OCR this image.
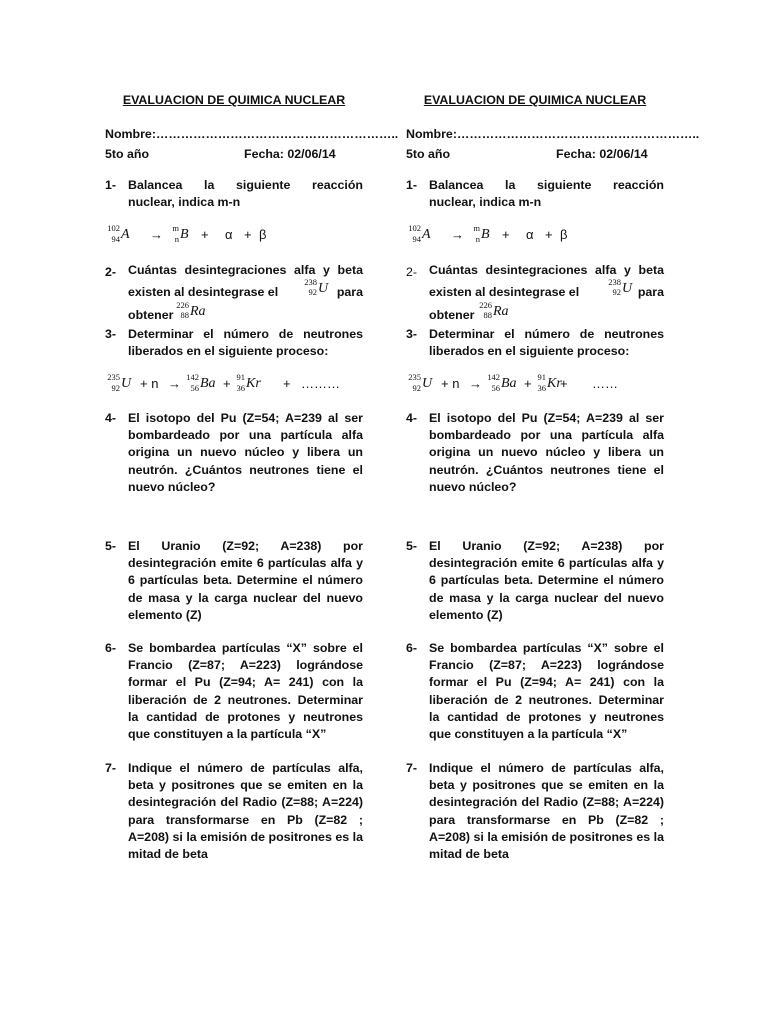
EVALUACION DE QUIMICA NUCLEAR
Nombre:…………………………………………………..
5to año	Fecha: 02/06/14
1- Balancea la siguiente reacción
nuclear, indica m-n
102
94 A → m
n B + α + β
2- Cuántas desintegraciones alfa y beta
existen al desintegrase el
238
92 U para
obtener
226
88 Ra
3- Determinar el número de neutrones liberados en el siguiente proceso:
235
92 U + n → 142
56 Ba + 91
36 Kr + ………
4- El isotopo del Pu (Z=54; A=239 al ser bombardeado por una partícula alfa origina un nuevo núcleo y libera un neutrón. ¿Cuántos neutrones tiene el nuevo núcleo?
5- El Uranio (Z=92; A=238) por desintegración emite 6 partículas alfa y 6 partículas beta. Determine el número de masa y la carga nuclear del nuevo elemento (Z)
6- Se bombardea partículas “X” sobre el Francio (Z=87; A=223) lográndose formar el Pu (Z=94; A= 241) con la liberación de 2 neutrones. Determinar la cantidad de protones y neutrones que constituyen a la partícula “X”
7- Indique el número de partículas alfa, beta y positrones que se emiten en la desintegración del Radio (Z=88; A=224) para transformarse en Pb (Z=82 ; A=208) si la emisión de positrones es la mitad de beta
EVALUACION DE QUIMICA NUCLEAR
Nombre:…………………………………………………..
5to año	Fecha: 02/06/14
1- Balancea la siguiente reacción
nuclear, indica m-n
102
94 A → m
n B + α + β
2- Cuántas desintegraciones alfa y beta
existen al desintegrase el
238
92 U para
obtener
226
88 Ra
3- Determinar el número de neutrones liberados en el siguiente proceso:
235
92 U + n → 142
56 Ba + 91
36 Kr
+ ……
4- El isotopo del Pu (Z=54; A=239 al ser bombardeado por una partícula alfa origina un nuevo núcleo y libera un neutrón. ¿Cuántos neutrones tiene el nuevo núcleo?
5- El Uranio (Z=92; A=238) por desintegración emite 6 partículas alfa y 6 partículas beta. Determine el número de masa y la carga nuclear del nuevo elemento (Z)
6- Se bombardea partículas “X” sobre el Francio (Z=87; A=223) lográndose formar el Pu (Z=94; A= 241) con la liberación de 2 neutrones. Determinar la cantidad de protones y neutrones que constituyen a la partícula “X”
7- Indique el número de partículas alfa, beta y positrones que se emiten en la desintegración del Radio (Z=88; A=224) para transformarse en Pb (Z=82 ; A=208) si la emisión de positrones es la mitad de beta
